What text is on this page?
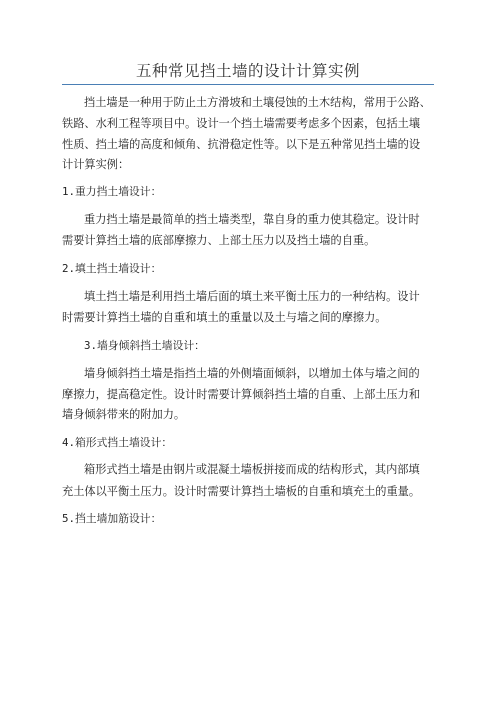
五种常见挡土墙的设计计算实例
挡土墙是一种用于防止土方滑坡和土壤侵蚀的土木结构，常用于公路、
铁路、水利工程等项目中。设计一个挡土墙需要考虑多个因素，包括土壤
性质、挡土墙的高度和倾角、抗滑稳定性等。以下是五种常见挡土墙的设
计计算实例：
1.重力挡土墙设计：
重力挡土墙是最简单的挡土墙类型，靠自身的重力使其稳定。设计时
需要计算挡土墙的底部摩擦力、上部土压力以及挡土墙的自重。
2.填土挡土墙设计：
填土挡土墙是利用挡土墙后面的填土来平衡土压力的一种结构。设计
时需要计算挡土墙的自重和填土的重量以及土与墙之间的摩擦力。
3.墙身倾斜挡土墙设计：
墙身倾斜挡土墙是指挡土墙的外侧墙面倾斜，以增加土体与墙之间的
摩擦力，提高稳定性。设计时需要计算倾斜挡土墙的自重、上部土压力和
墙身倾斜带来的附加力。
4.箱形式挡土墙设计：
箱形式挡土墙是由钢片或混凝土墙板拼接而成的结构形式，其内部填
充土体以平衡土压力。设计时需要计算挡土墙板的自重和填充土的重量。
5.挡土墙加筋设计：
